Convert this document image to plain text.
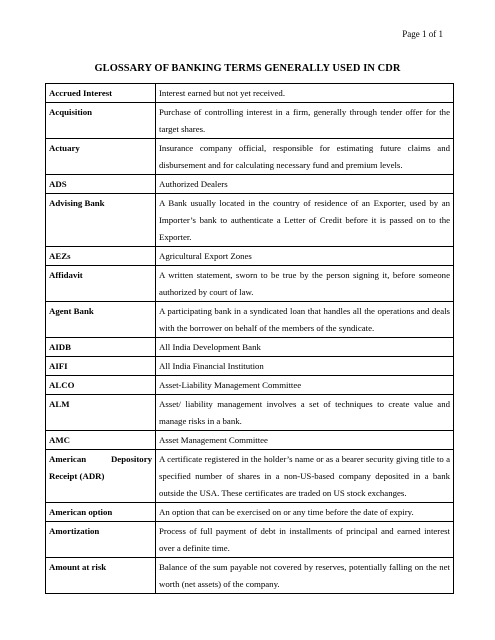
Page 1 of 1
GLOSSARY OF BANKING TERMS GENERALLY USED IN CDR
Accrued Interest	Interest earned but not yet received.
Acquisition	Purchase of controlling interest in a firm, generally through tender offer for the target shares.
Actuary	Insurance company official, responsible for estimating future claims and disbursement and for calculating necessary fund and premium levels.
ADS	Authorized Dealers
Advising Bank	A Bank usually located in the country of residence of an Exporter, used by an Importer’s bank to authenticate a Letter of Credit before it is passed on to the Exporter.
AEZs	Agricultural Export Zones
Affidavit	A written statement, sworn to be true by the person signing it, before someone authorized by court of law.
Agent Bank	A participating bank in a syndicated loan that handles all the operations and deals with the borrower on behalf of the members of the syndicate.
AIDB	All India Development Bank
AIFI	All India Financial Institution
ALCO	Asset-Liability Management Committee
ALM	Asset/ liability management involves a set of techniques to create value and manage risks in a bank.
AMC	Asset Management Committee
American Depository Receipt (ADR)	A certificate registered in the holder’s name or as a bearer security giving title to a specified number of shares in a non-US-based company deposited in a bank outside the USA. These certificates are traded on US stock exchanges.
American option	An option that can be exercised on or any time before the date of expiry.
Amortization	Process of full payment of debt in installments of principal and earned interest over a definite time.
Amount at risk	Balance of the sum payable not covered by reserves, potentially falling on the net worth (net assets) of the company.
